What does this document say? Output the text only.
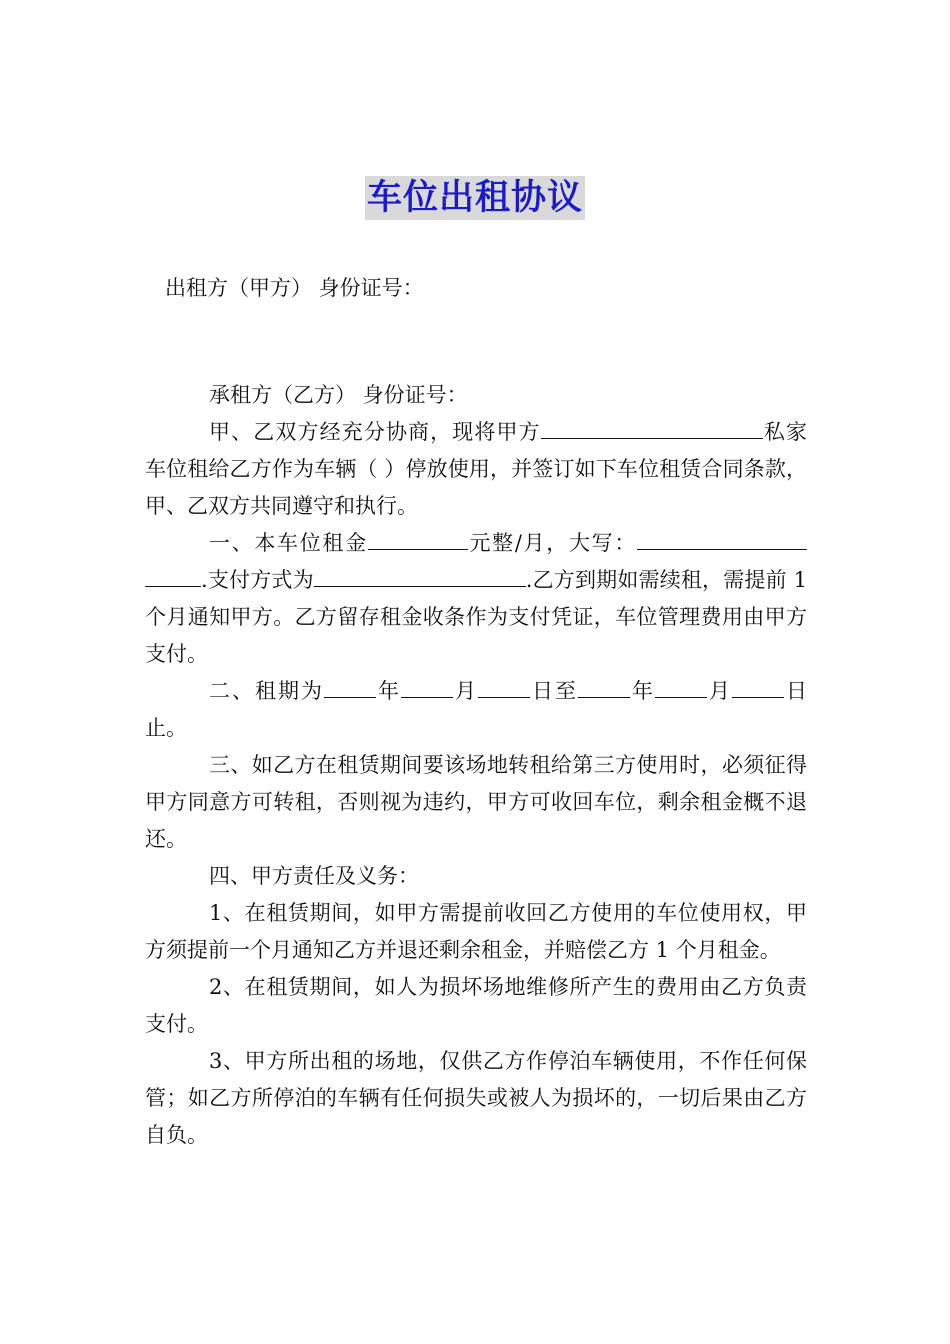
车位出租协议
出租方（甲方） 身份证号：
承租方（乙方） 身份证号：

甲、乙双方经充分协商，现将甲方	私家车位租给乙方作为车辆（ ）停放使用，并签订如下车位租赁合同条款，甲、乙双方共同遵守和执行。

一、本车位租金	元整/月，大写：.支付方式为	.乙方到期如需续租，需提前 1 个月通知甲方。乙方留存租金收条作为支付凭证，车位管理费用由甲方支付。

二、租期为 年 月 日至 年 月 日止。

三、如乙方在租赁期间要该场地转租给第三方使用时，必须征得甲方同意方可转租，否则视为违约，甲方可收回车位，剩余租金概不退还。

四、甲方责任及义务：

1、在租赁期间，如甲方需提前收回乙方使用的车位使用权，甲方须提前一个月通知乙方并退还剩余租金，并赔偿乙方 1 个月租金。

2、在租赁期间，如人为损坏场地维修所产生的费用由乙方负责支付。

3、甲方所出租的场地，仅供乙方作停泊车辆使用，不作任何保管；如乙方所停泊的车辆有任何损失或被人为损坏的，一切后果由乙方自负。
